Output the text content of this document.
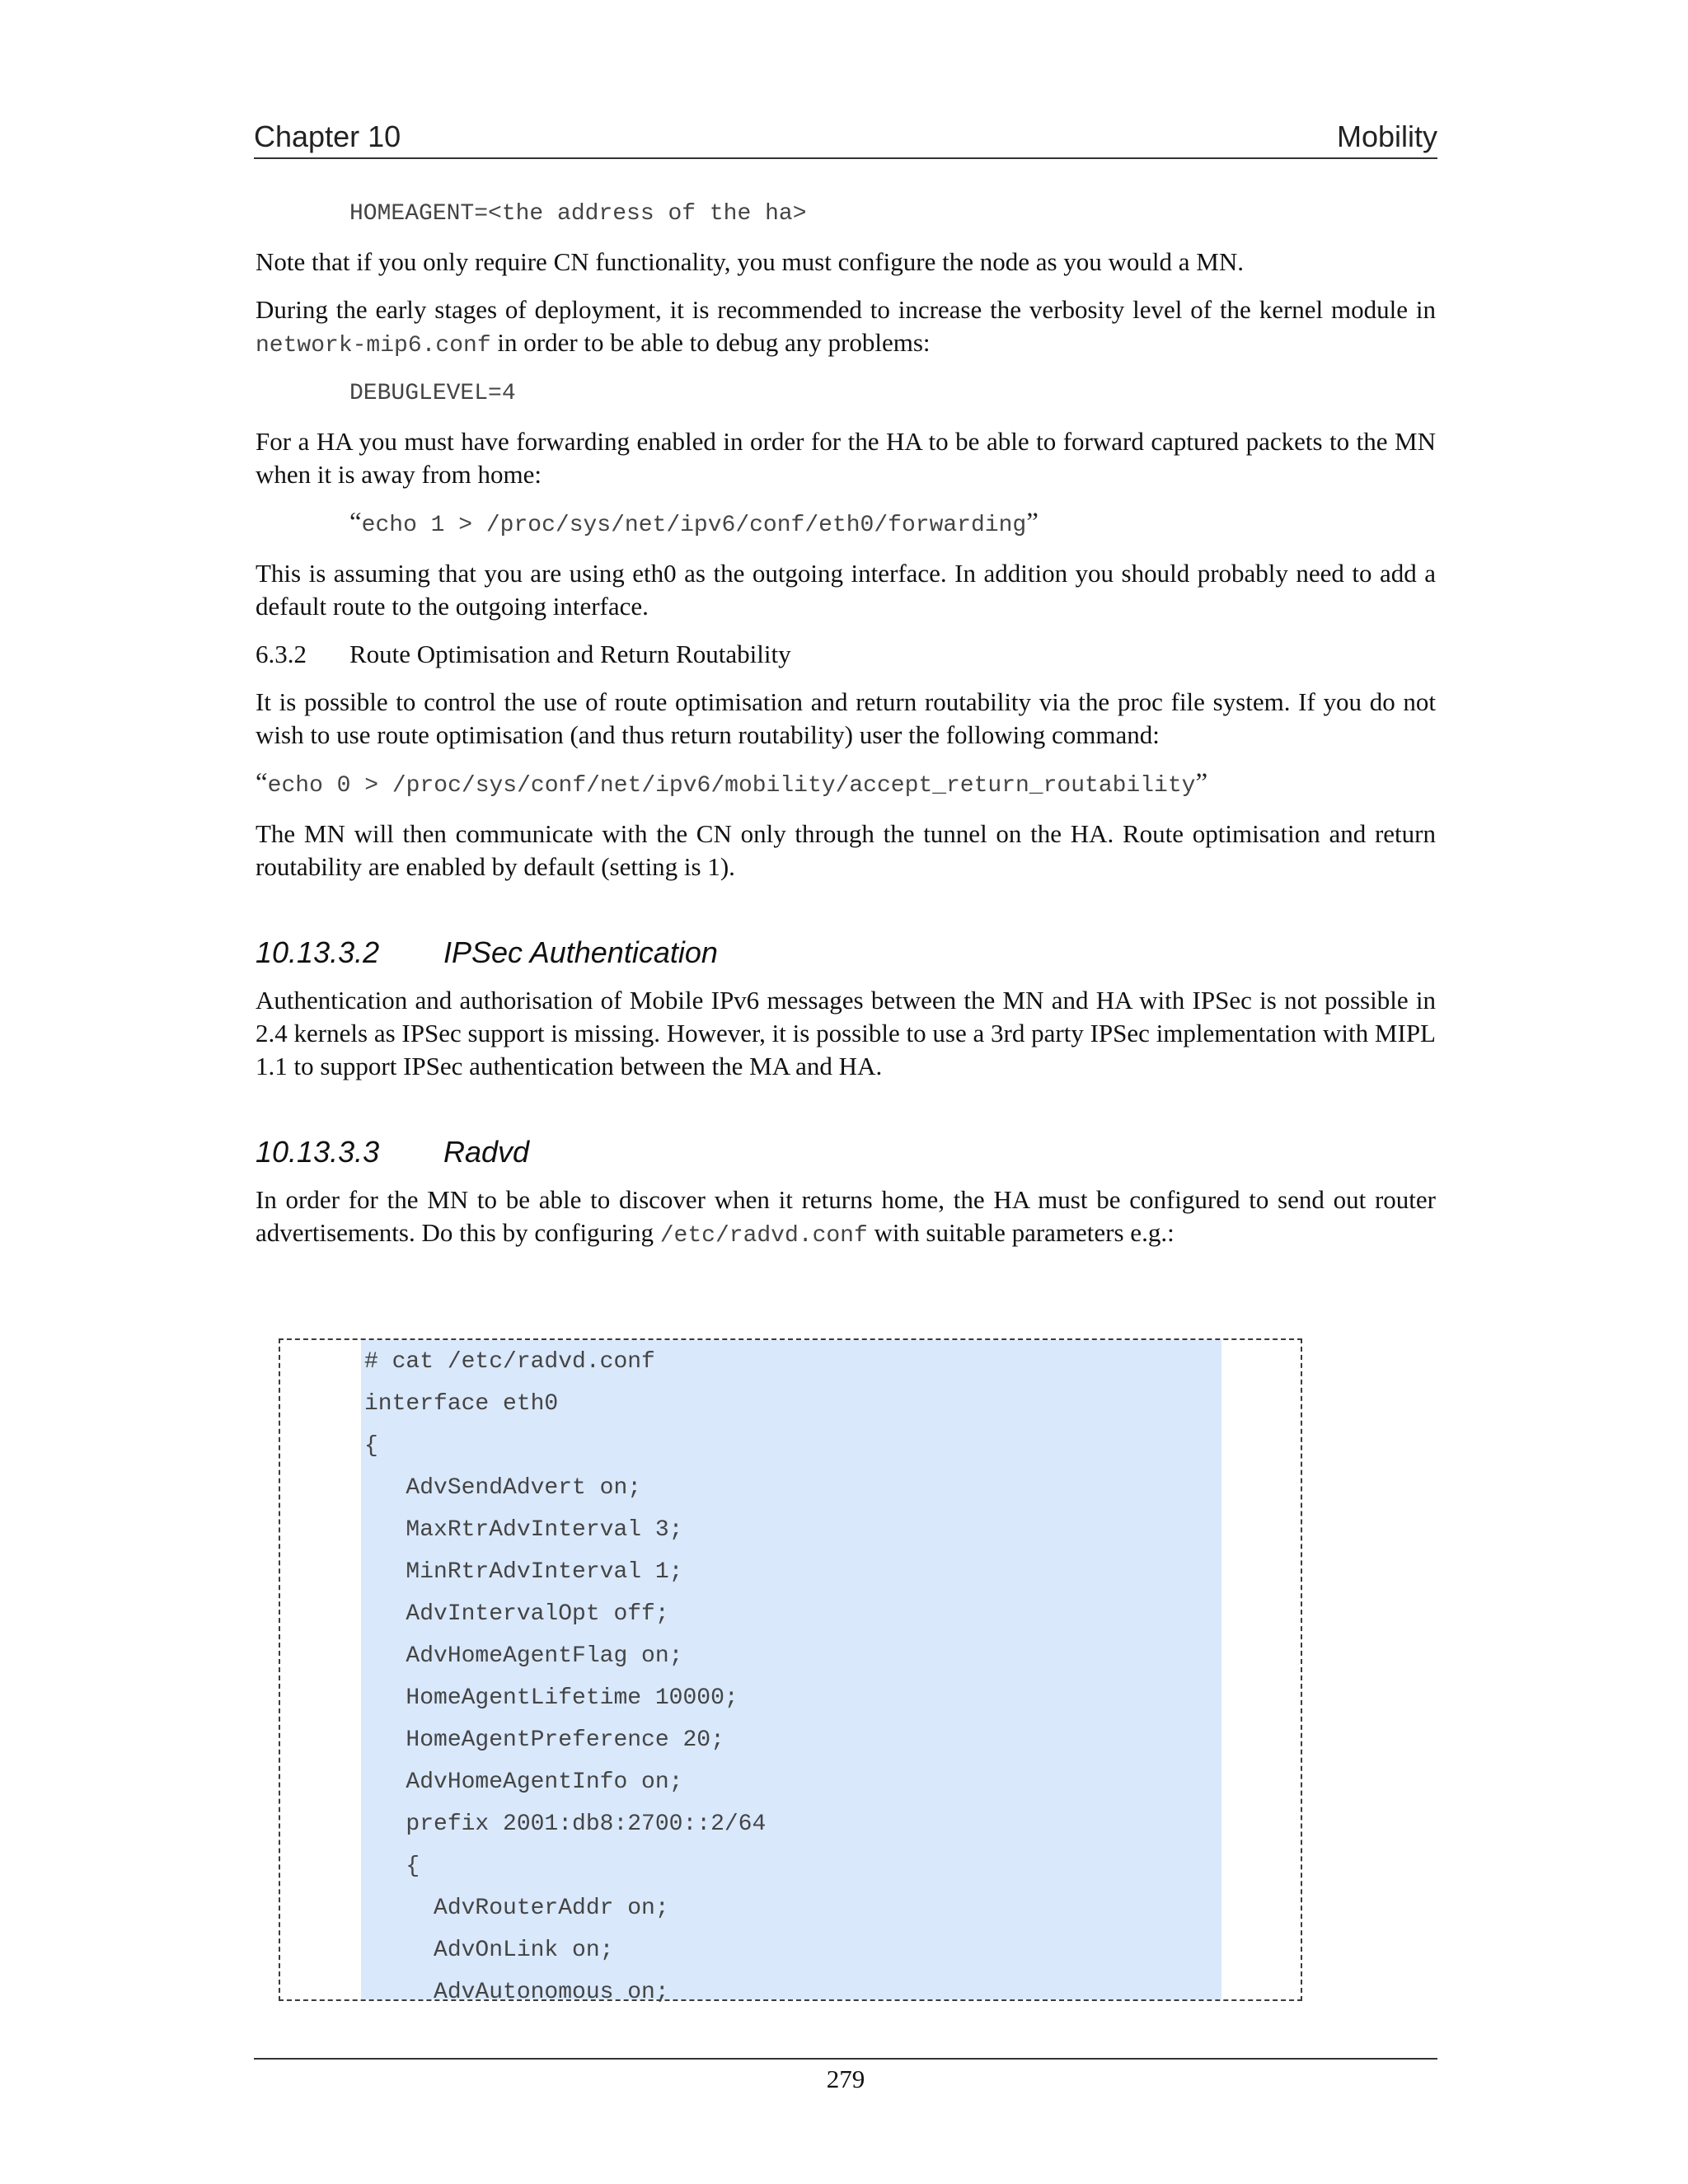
Chapter 10	Mobility
HOMEAGENT=<the address of the ha>

Note that if you only require CN functionality, you must configure the node as you would a MN.

During the early stages of deployment, it is recommended to increase the verbosity level of the kernel module in network-mip6.conf in order to be able to debug any problems:

DEBUGLEVEL=4

For a HA you must have forwarding enabled in order for the HA to be able to forward captured packets to the MN when it is away from home:

“echo 1 > /proc/sys/net/ipv6/conf/eth0/forwarding”

This is assuming that you are using eth0 as the outgoing interface. In addition you should probably need to add a default route to the outgoing interface.

6.3.2	Route Optimisation and Return Routability

It is possible to control the use of route optimisation and return routability via the proc file system. If you do not wish to use route optimisation (and thus return routability) user the following command:

“echo 0 > /proc/sys/conf/net/ipv6/mobility/accept_return_routability”

The MN will then communicate with the CN only through the tunnel on the HA. Route optimisation and return routability are enabled by default (setting is 1).

10.13.3.2	IPSec Authentication

Authentication and authorisation of Mobile IPv6 messages between the MN and HA with IPSec is not possible in 2.4 kernels as IPSec support is missing. However, it is possible to use a 3rd party IPSec implementation with MIPL 1.1 to support IPSec authentication between the MA and HA.

10.13.3.3	Radvd

In order for the MN to be able to discover when it returns home, the HA must be configured to send out router advertisements. Do this by configuring /etc/radvd.conf with suitable parameters e.g.:

# cat /etc/radvd.conf
interface eth0
{
AdvSendAdvert on;
MaxRtrAdvInterval 3;
MinRtrAdvInterval 1;
AdvIntervalOpt off;
AdvHomeAgentFlag on;
HomeAgentLifetime 10000;
HomeAgentPreference 20;
AdvHomeAgentInfo on;
prefix 2001:db8:2700::2/64
{
AdvRouterAddr on;
AdvOnLink on;
AdvAutonomous on;
279
